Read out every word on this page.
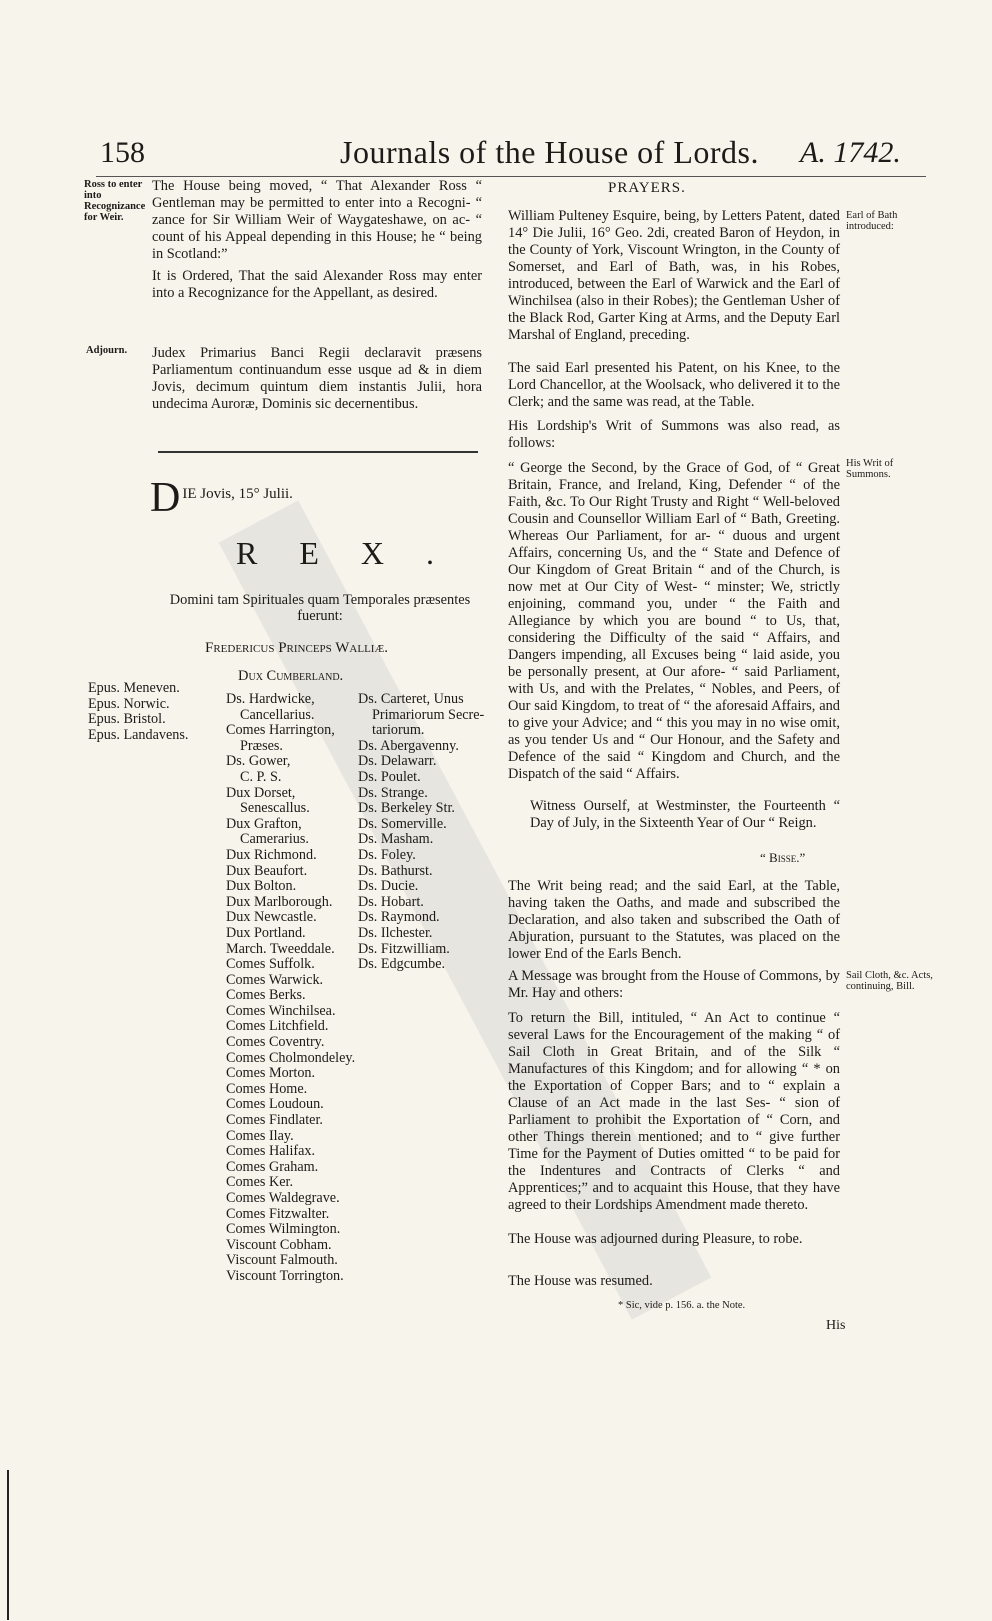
158	Journals of the House of Lords. A. 1742.
Ross to enter into Recognizance for Weir.
The House being moved, “ That Alexander Ross “ Gentleman may be permitted to enter into a Recogni- “ zance for Sir William Weir of Waygateshawe, on ac- “ count of his Appeal depending in this House; he “ being in Scotland:”
It is Ordered, That the said Alexander Ross may enter into a Recognizance for the Appellant, as desired.
Adjourn.	Judex Primarius Banci Regii declaravit præsens Parliamentum continuandum esse usque ad & in diem Jovis, decimum quintum diem instantis Julii, hora undecima Auroræ, Dominis sic decernentibus.
D IE Jovis, 15° Julii.
REX.
Domini tam Spirituales quam Temporales præsentes fuerunt:
Fredericus Princeps Walliæ.
Epus. Meneven.
Epus. Norwic.
Epus. Bristol.
Epus. Landavens.
Dux Cumberland.
Ds. Hardwicke,
Cancellarius.
Comes Harrington,
Præses.
Ds. Gower,
C. P. S.
Dux Dorset,
Senescallus.
Dux Grafton,
Camerarius.
Dux Richmond.
Dux Beaufort.
Dux Bolton.
Dux Marlborough.
Dux Newcastle.
Dux Portland.
March. Tweeddale.
Comes Suffolk.
Comes Warwick.
Comes Berks.
Comes Winchilsea.
Comes Litchfield.
Comes Coventry.
Comes Cholmondeley.
Comes Morton.
Comes Home.
Comes Loudoun.
Comes Findlater.
Comes Ilay.
Comes Halifax.
Comes Graham.
Comes Ker.
Comes Waldegrave.
Comes Fitzwalter.
Comes Wilmington.
Viscount Cobham.
Viscount Falmouth.
Viscount Torrington.
Ds. Carteret, Unus
Primariorum Secre-
tariorum.
Ds. Abergavenny.
Ds. Delawarr.
Ds. Poulet.
Ds. Strange.
Ds. Berkeley Str.
Ds. Somerville.
Ds. Masham.
Ds. Foley.
Ds. Bathurst.
Ds. Ducie.
Ds. Hobart.
Ds. Raymond.
Ds. Ilchester.
Ds. Fitzwilliam.
Ds. Edgcumbe.
PRAYERS.
William Pulteney Esquire, being, by Letters Patent, dated 14° Die Julii, 16° Geo. 2di, created Baron of Heydon, in the County of York, Viscount Wrington, in the County of Somerset, and Earl of Bath, was, in his Robes, introduced, between the Earl of Warwick and the Earl of Winchilsea (also in their Robes); the Gentleman Usher of the Black Rod, Garter King at Arms, and the Deputy Earl Marshal of England, preceding.
Earl of Bath introduced:
The said Earl presented his Patent, on his Knee, to the Lord Chancellor, at the Woolsack, who delivered it to the Clerk; and the same was read, at the Table.
His Lordship's Writ of Summons was also read, as follows:
“ George the Second, by the Grace of God, of “ Great Britain, France, and Ireland, King, Defender “ of the Faith, &c. To Our Right Trusty and Right “ Well-beloved Cousin and Counsellor William Earl of “ Bath, Greeting. Whereas Our Parliament, for ar- “ duous and urgent Affairs, concerning Us, and the “ State and Defence of Our Kingdom of Great Britain “ and of the Church, is now met at Our City of West- “ minster; We, strictly enjoining, command you, under “ the Faith and Allegiance by which you are bound “ to Us, that, considering the Difficulty of the said “ Affairs, and Dangers impending, all Excuses being “ laid aside, you be personally present, at Our afore- “ said Parliament, with Us, and with the Prelates, “ Nobles, and Peers, of Our said Kingdom, to treat of “ the aforesaid Affairs, and to give your Advice; and “ this you may in no wise omit, as you tender Us and “ Our Honour, and the Safety and Defence of the said “ Kingdom and Church, and the Dispatch of the said “ Affairs.
His Writ of Summons.
Witness Ourself, at Westminster, the Fourteenth “ Day of July, in the Sixteenth Year of Our “ Reign.
“ Bisse.”
The Writ being read; and the said Earl, at the Table, having taken the Oaths, and made and subscribed the Declaration, and also taken and subscribed the Oath of Abjuration, pursuant to the Statutes, was placed on the lower End of the Earls Bench.
A Message was brought from the House of Commons, by Mr. Hay and others:
Sail Cloth, &c. Acts, continuing, Bill.
To return the Bill, intituled, “ An Act to continue “ several Laws for the Encouragement of the making “ of Sail Cloth in Great Britain, and of the Silk “ Manufactures of this Kingdom; and for allowing “ * on the Exportation of Copper Bars; and to “ explain a Clause of an Act made in the last Ses- “ sion of Parliament to prohibit the Exportation of “ Corn, and other Things therein mentioned; and to “ give further Time for the Payment of Duties omitted “ to be paid for the Indentures and Contracts of Clerks “ and Apprentices;” and to acquaint this House, that they have agreed to their Lordships Amendment made thereto.
The House was adjourned during Pleasure, to robe.
The House was resumed.
* Sic, vide p. 156. a. the Note.
His
